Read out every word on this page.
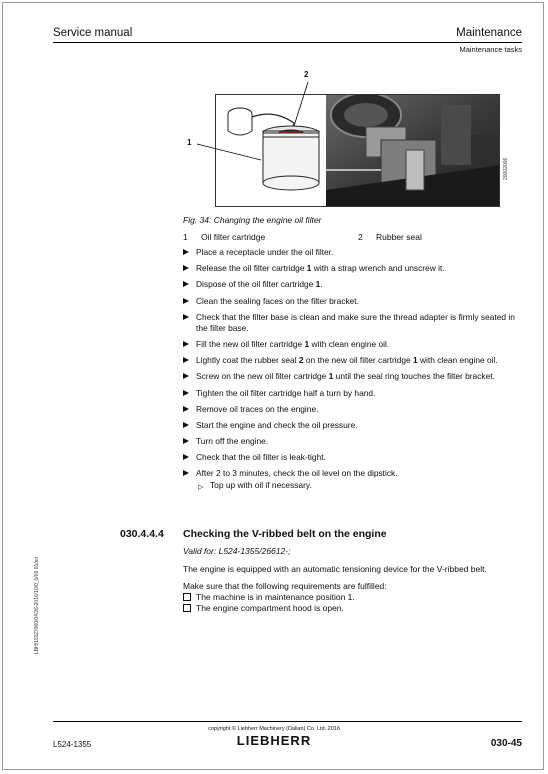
Service manual	Maintenance
Maintenance tasks
2
1
20002006
Fig. 34: Changing the engine oil filter
1 Oil filter cartridge	2 Rubber seal
Place a receptacle under the oil filter.
Release the oil filter cartridge 1 with a strap wrench and unscrew it.
Dispose of the oil filter cartridge 1.
Clean the sealing faces on the filter bracket.
Check that the filter base is clean and make sure the thread adapter is firmly seated in the filter base.
Fill the new oil filter cartridge 1 with clean engine oil.
Lightly coat the rubber seal 2 on the new oil filter cartridge 1 with clean engine oil.
Screw on the new oil filter cartridge 1 until the seal ring touches the filter bracket.
Tighten the oil filter cartridge half a turn by hand.
Remove oil traces on the engine.
Start the engine and check the oil pressure.
Turn off the engine.
Check that the oil filter is leak-tight.
After 2 to 3 minutes, check the oil level on the dipstick.
▷ Top up with oil if necessary.
030.4.4.4 Checking the V-ribbed belt on the engine
Valid for: L524-1355/26612-;
The engine is equipped with an automatic tensioning device for the V-ribbed belt.
Make sure that the following requirements are fulfilled:
The machine is in maintenance position 1.
The engine compartment hood is open.
LBH/11927060/04/26-2016/10/0_0/03.01/en
copyright © Liebherr Machinery (Dalian) Co. Ltd. 2016
LIEBHERR
L524-1355	030-45
